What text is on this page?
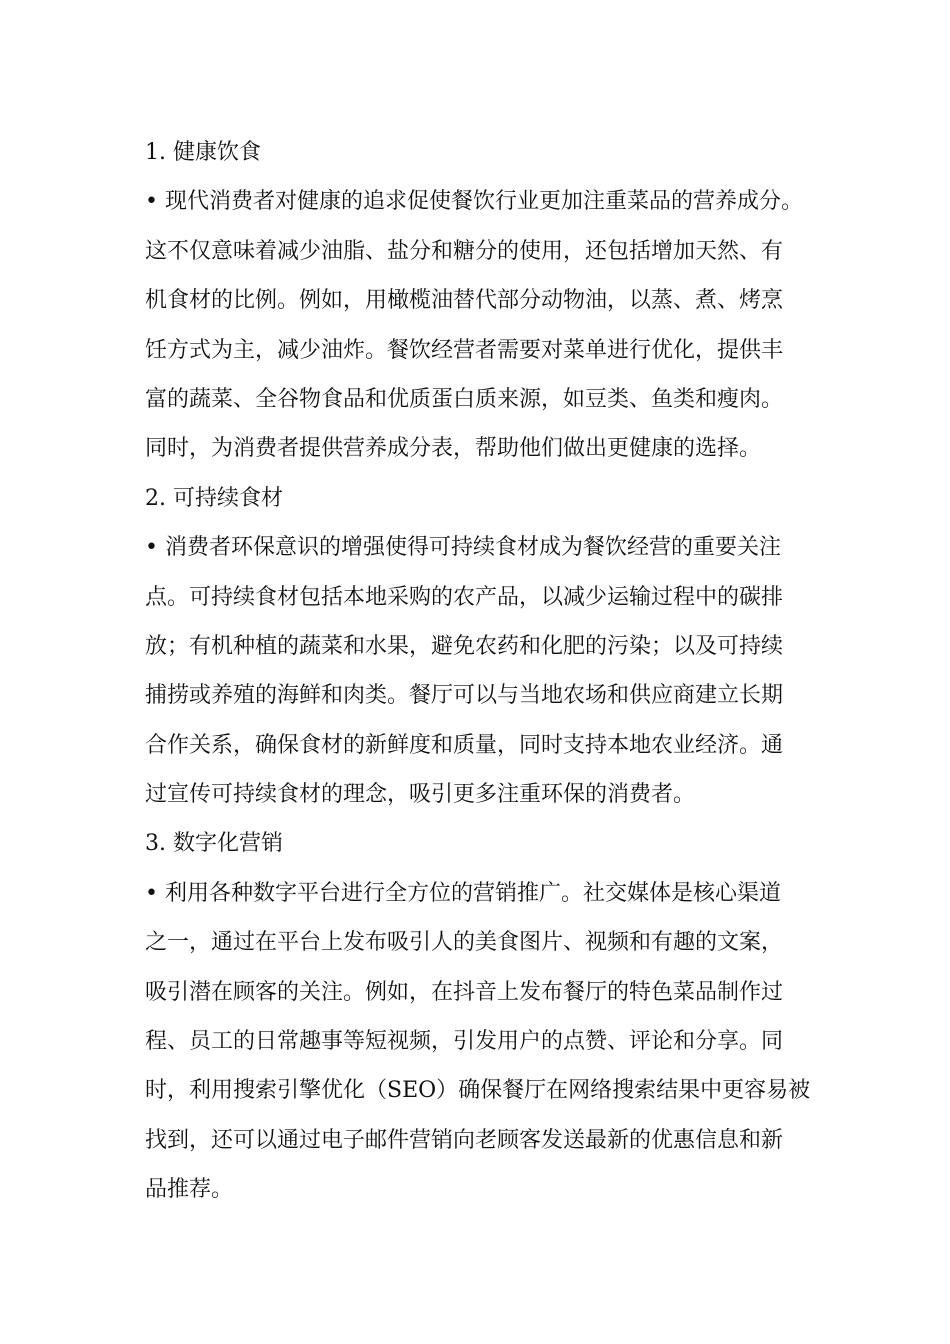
1. 健康饮食
• 现代消费者对健康的追求促使餐饮行业更加注重菜品的营养成分。
这不仅意味着减少油脂、盐分和糖分的使用，还包括增加天然、有
机食材的比例。例如，用橄榄油替代部分动物油，以蒸、煮、烤烹
饪方式为主，减少油炸。餐饮经营者需要对菜单进行优化，提供丰
富的蔬菜、全谷物食品和优质蛋白质来源，如豆类、鱼类和瘦肉。
同时，为消费者提供营养成分表，帮助他们做出更健康的选择。
2. 可持续食材
• 消费者环保意识的增强使得可持续食材成为餐饮经营的重要关注
点。可持续食材包括本地采购的农产品，以减少运输过程中的碳排
放；有机种植的蔬菜和水果，避免农药和化肥的污染；以及可持续
捕捞或养殖的海鲜和肉类。餐厅可以与当地农场和供应商建立长期
合作关系，确保食材的新鲜度和质量，同时支持本地农业经济。通
过宣传可持续食材的理念，吸引更多注重环保的消费者。
3. 数字化营销
• 利用各种数字平台进行全方位的营销推广。社交媒体是核心渠道
之一，通过在平台上发布吸引人的美食图片、视频和有趣的文案，
吸引潜在顾客的关注。例如，在抖音上发布餐厅的特色菜品制作过
程、员工的日常趣事等短视频，引发用户的点赞、评论和分享。同
时，利用搜索引擎优化（SEO）确保餐厅在网络搜索结果中更容易被
找到，还可以通过电子邮件营销向老顾客发送最新的优惠信息和新
品推荐。
